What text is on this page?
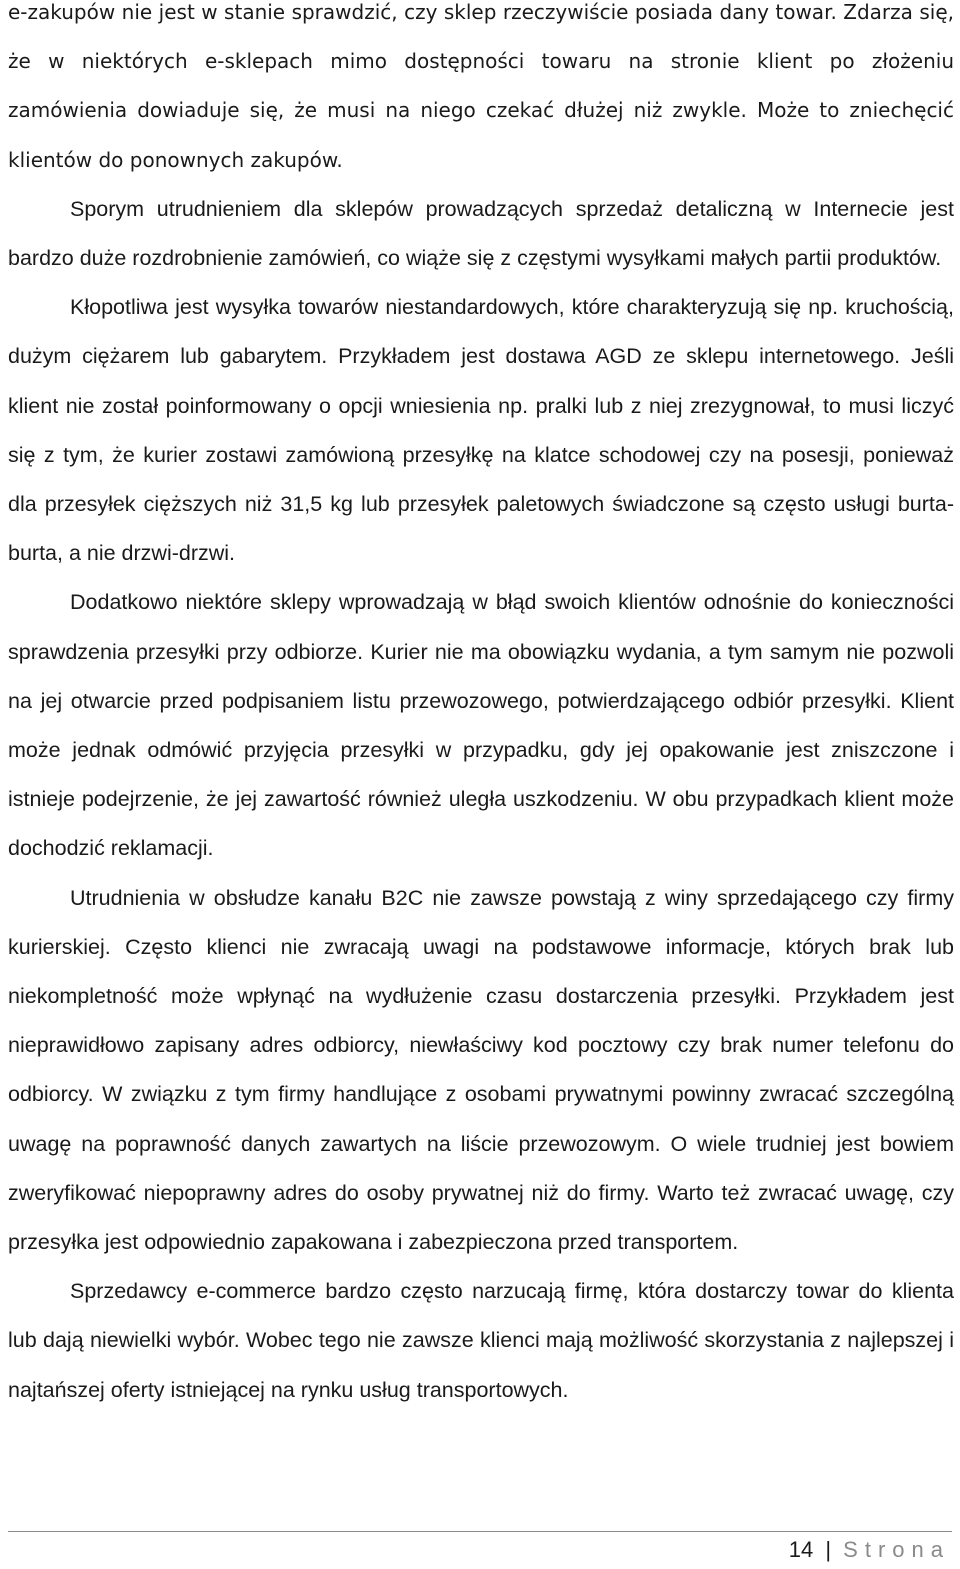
e-zakupów nie jest w stanie sprawdzić, czy sklep rzeczywiście posiada dany towar. Zdarza się, że w niektórych e-sklepach mimo dostępności towaru na stronie klient po złożeniu zamówienia dowiaduje się, że musi na niego czekać dłużej niż zwykle. Może to zniechęcić klientów do ponownych zakupów.

Sporym utrudnieniem dla sklepów prowadzących sprzedaż detaliczną w Internecie jest bardzo duże rozdrobnienie zamówień, co wiąże się z częstymi wysyłkami małych partii produktów.

Kłopotliwa jest wysyłka towarów niestandardowych, które charakteryzują się np. kruchością, dużym ciężarem lub gabarytem. Przykładem jest dostawa AGD ze sklepu internetowego. Jeśli klient nie został poinformowany o opcji wniesienia np. pralki lub z niej zrezygnował, to musi liczyć się z tym, że kurier zostawi zamówioną przesyłkę na klatce schodowej czy na posesji, ponieważ dla przesyłek cięższych niż 31,5 kg lub przesyłek paletowych świadczone są często usługi burta-burta, a nie drzwi-drzwi.

Dodatkowo niektóre sklepy wprowadzają w błąd swoich klientów odnośnie do konieczności sprawdzenia przesyłki przy odbiorze. Kurier nie ma obowiązku wydania, a tym samym nie pozwoli na jej otwarcie przed podpisaniem listu przewozowego, potwierdzającego odbiór przesyłki. Klient może jednak odmówić przyjęcia przesyłki w przypadku, gdy jej opakowanie jest zniszczone i istnieje podejrzenie, że jej zawartość również uległa uszkodzeniu. W obu przypadkach klient może dochodzić reklamacji.

Utrudnienia w obsłudze kanału B2C nie zawsze powstają z winy sprzedającego czy firmy kurierskiej. Często klienci nie zwracają uwagi na podstawowe informacje, których brak lub niekompletność może wpłynąć na wydłużenie czasu dostarczenia przesyłki. Przykładem jest nieprawidłowo zapisany adres odbiorcy, niewłaściwy kod pocztowy czy brak numer telefonu do odbiorcy. W związku z tym firmy handlujące z osobami prywatnymi powinny zwracać szczególną uwagę na poprawność danych zawartych na liście przewozowym. O wiele trudniej jest bowiem zweryfikować niepoprawny adres do osoby prywatnej niż do firmy. Warto też zwracać uwagę, czy przesyłka jest odpowiednio zapakowana i zabezpieczona przed transportem.

Sprzedawcy e-commerce bardzo często narzucają firmę, która dostarczy towar do klienta lub dają niewielki wybór. Wobec tego nie zawsze klienci mają możliwość skorzystania z najlepszej i najtańszej oferty istniejącej na rynku usług transportowych.

14 | Strona
